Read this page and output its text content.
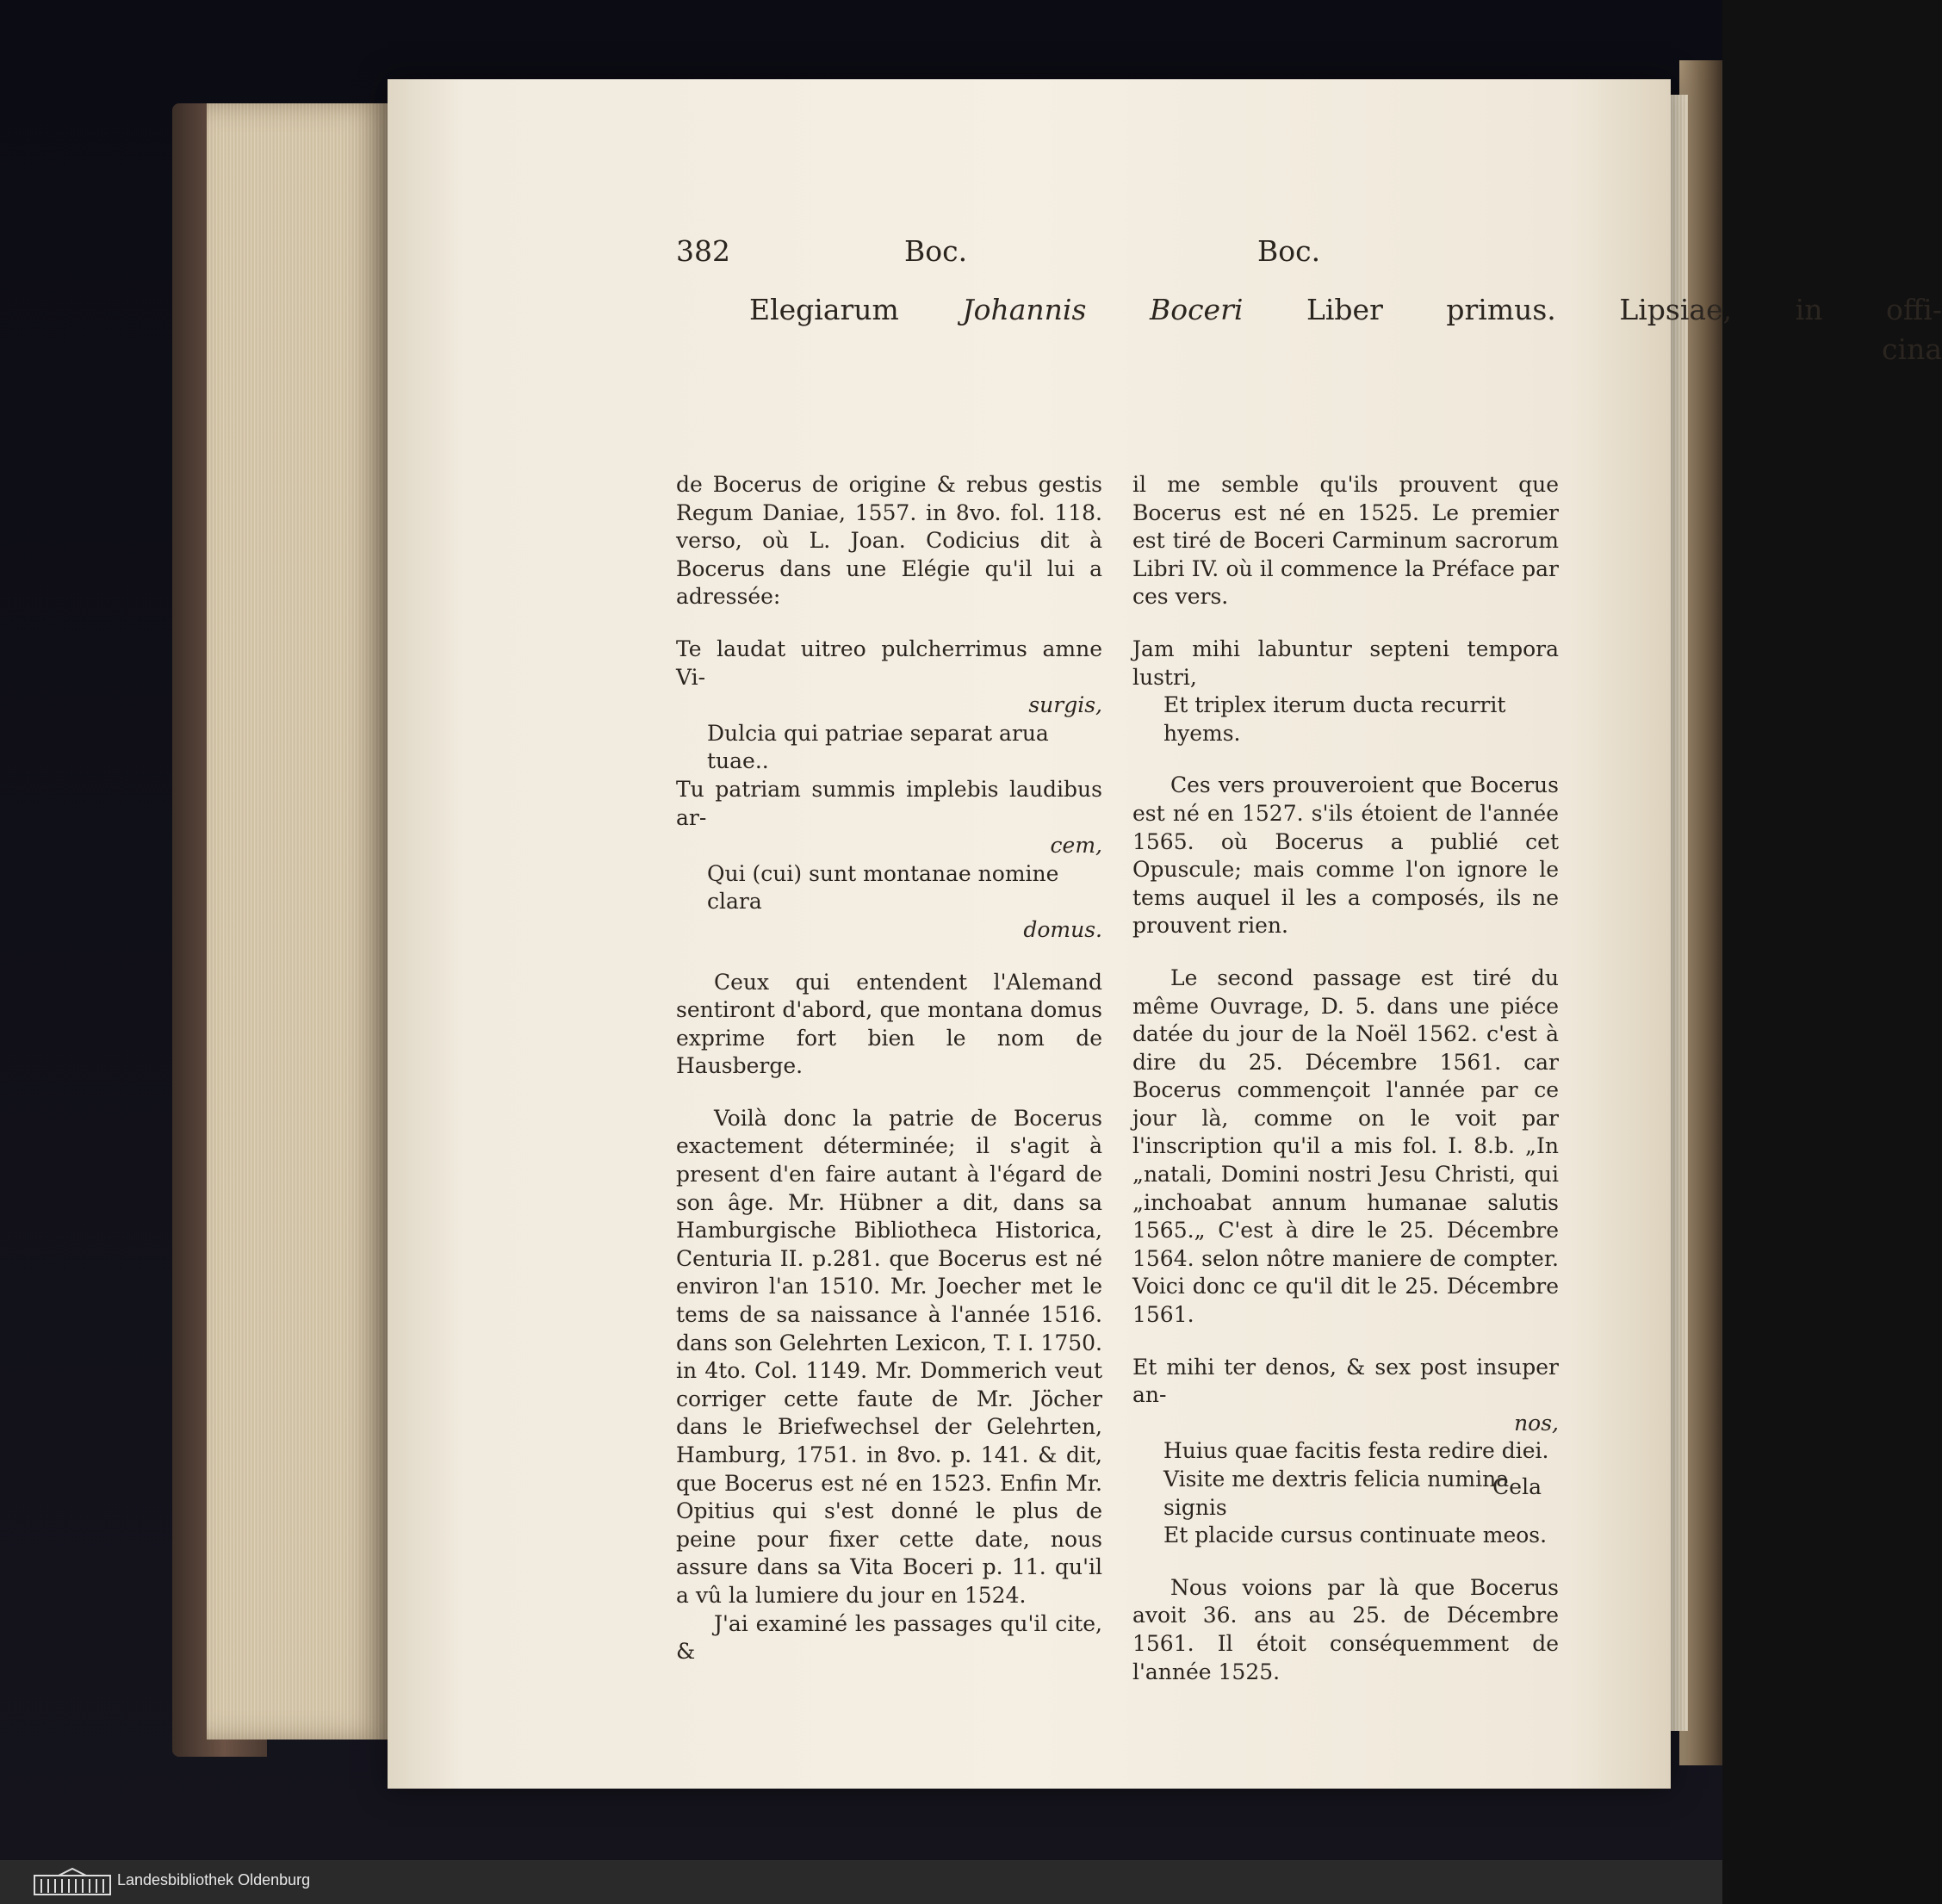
382	Boc.	Boc.
Elegiarum Johannis Boceri Liber primus. Lipsiae, in offi-
cina

de Bocerus de origine & rebus gestis Regum Daniae, 1557. in 8vo. fol. 118. verso, où L. Joan. Codicius dit à Bocerus dans une Elégie qu'il lui a adressée:

Te laudat uitreo pulcherrimus amne Vi-
surgis,
Dulcia qui patriae separat arua tuae..
Tu patriam summis implebis laudibus ar-
cem,
Qui (cui) sunt montanae nomine clara
domus.

Ceux qui entendent l'Alemand sentiront d'abord, que montana domus exprime fort bien le nom de Hausberge.

Voilà donc la patrie de Bocerus exactement déterminée; il s'agit à present d'en faire autant à l'égard de son âge. Mr. Hübner a dit, dans sa Hamburgische Bibliotheca Historica, Centuria II. p.281. que Bocerus est né environ l'an 1510. Mr. Joecher met le tems de sa naissance à l'année 1516. dans son Gelehrten Lexicon, T. I. 1750. in 4to. Col. 1149. Mr. Dommerich veut corriger cette faute de Mr. Jöcher dans le Briefwechsel der Gelehrten, Hamburg, 1751. in 8vo. p. 141. & dit, que Bocerus est né en 1523. Enfin Mr. Opitius qui s'est donné le plus de peine pour fixer cette date, nous assure dans sa Vita Boceri p. 11. qu'il a vû la lumiere du jour en 1524.

J'ai examiné les passages qu'il cite, &

il me semble qu'ils prouvent que Bocerus est né en 1525. Le premier est tiré de Boceri Carminum sacrorum Libri IV. où il commence la Préface par ces vers.

Jam mihi labuntur septeni tempora lustri,
Et triplex iterum ducta recurrit hyems.

Ces vers prouveroient que Bocerus est né en 1527. s'ils étoient de l'année 1565. où Bocerus a publié cet Opuscule; mais comme l'on ignore le tems auquel il les a composés, ils ne prouvent rien.

Le second passage est tiré du même Ouvrage, D. 5. dans une piéce datée du jour de la Noël 1562. c'est à dire du 25. Décembre 1561. car Bocerus commençoit l'année par ce jour là, comme on le voit par l'inscription qu'il a mis fol. I. 8.b. „In „natali, Domini nostri Jesu Christi, qui „inchoabat annum humanae salutis 1565.„ C'est à dire le 25. Décembre 1564. selon nôtre maniere de compter. Voici donc ce qu'il dit le 25. Décembre 1561.

Et mihi ter denos, & sex post insuper an-
nos,
Huius quae facitis festa redire diei.
Visite me dextris felicia numina signis
Et placide cursus continuate meos.

Nous voions par là que Bocerus avoit 36. ans au 25. de Décembre 1561. Il étoit conséquemment de l'année 1525.

Cela
Landesbibliothek Oldenburg
